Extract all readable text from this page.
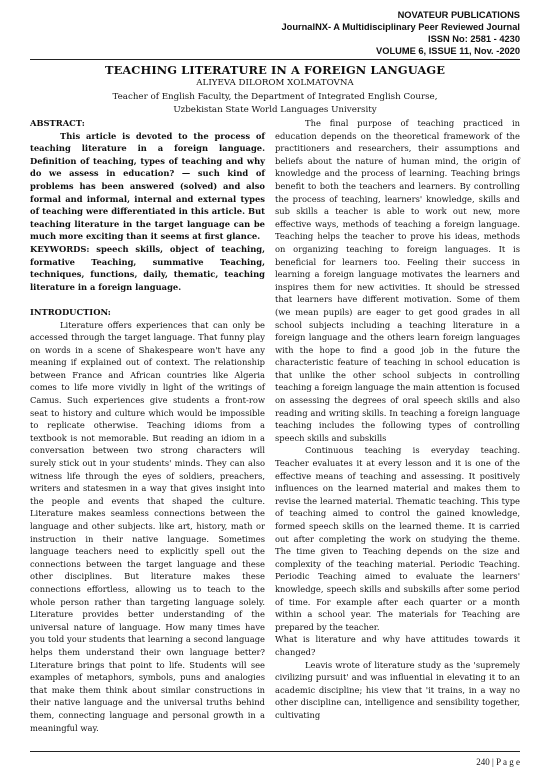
NOVATEUR PUBLICATIONS
JournalNX- A Multidisciplinary Peer Reviewed Journal
ISSN No: 2581 - 4230
VOLUME 6, ISSUE 11, Nov. -2020
TEACHING LITERATURE IN A FOREIGN LANGUAGE
ALIYEVA DILOROM XOLMATOVNA
Teacher of English Faculty, the Department of Integrated English Course,
Uzbekistan State World Languages University

ABSTRACT:

This article is devoted to the process of teaching literature in a foreign language. Definition of teaching, types of teaching and why do we assess in education? — such kind of problems has been answered (solved) and also formal and informal, internal and external types of teaching were differentiated in this article. But teaching literature in the target language can be much more exciting than it seems at first glance.

KEYWORDS: speech skills, object of teaching, formative Teaching, summative Teaching, techniques, functions, daily, thematic, teaching literature in a foreign language.

INTRODUCTION:

Literature offers experiences that can only be accessed through the target language. That funny play on words in a scene of Shakespeare won't have any meaning if explained out of context. The relationship between France and African countries like Algeria comes to life more vividly in light of the writings of Camus. Such experiences give students a front-row seat to history and culture which would be impossible to replicate otherwise. Teaching idioms from a textbook is not memorable. But reading an idiom in a conversation between two strong characters will surely stick out in your students' minds. They can also witness life through the eyes of soldiers, preachers, writers and statesmen in a way that gives insight into the people and events that shaped the culture. Literature makes seamless connections between the language and other subjects. like art, history, math or instruction in their native language. Sometimes language teachers need to explicitly spell out the connections between the target language and these other disciplines. But literature makes these connections effortless, allowing us to teach to the whole person rather than targeting language solely. Literature provides better understanding of the universal nature of language. How many times have you told your students that learning a second language helps them understand their own language better? Literature brings that point to life. Students will see examples of metaphors, symbols, puns and analogies that make them think about similar constructions in their native language and the universal truths behind them, connecting language and personal growth in a meaningful way.

The final purpose of teaching practiced in education depends on the theoretical framework of the practitioners and researchers, their assumptions and beliefs about the nature of human mind, the origin of knowledge and the process of learning. Teaching brings benefit to both the teachers and learners. By controlling the process of teaching, learners' knowledge, skills and sub skills a teacher is able to work out new, more effective ways, methods of teaching a foreign language. Teaching helps the teacher to prove his ideas, methods on organizing teaching to foreign languages. It is beneficial for learners too. Feeling their success in learning a foreign language motivates the learners and inspires them for new activities. It should be stressed that learners have different motivation. Some of them (we mean pupils) are eager to get good grades in all school subjects including a teaching literature in a foreign language and the others learn foreign languages with the hope to find a good job in the future the characteristic feature of teaching in school education is that unlike the other school subjects in controlling teaching a foreign language the main attention is focused on assessing the degrees of oral speech skills and also reading and writing skills. In teaching a foreign language teaching includes the following types of controlling speech skills and subskills

Continuous teaching is everyday teaching. Teacher evaluates it at every lesson and it is one of the effective means of teaching and assessing. It positively influences on the learned material and makes them to revise the learned material. Thematic teaching. This type of teaching aimed to control the gained knowledge, formed speech skills on the learned theme. It is carried out after completing the work on studying the theme. The time given to Teaching depends on the size and complexity of the teaching material. Periodic Teaching. Periodic Teaching aimed to evaluate the learners' knowledge, speech skills and subskills after some period of time. For example after each quarter or a month within a school year. The materials for Teaching are prepared by the teacher.

What is literature and why have attitudes towards it changed?

Leavis wrote of literature study as the 'supremely civilizing pursuit' and was influential in elevating it to an academic discipline; his view that 'it trains, in a way no other discipline can, intelligence and sensibility together, cultivating

240 | P a g e
